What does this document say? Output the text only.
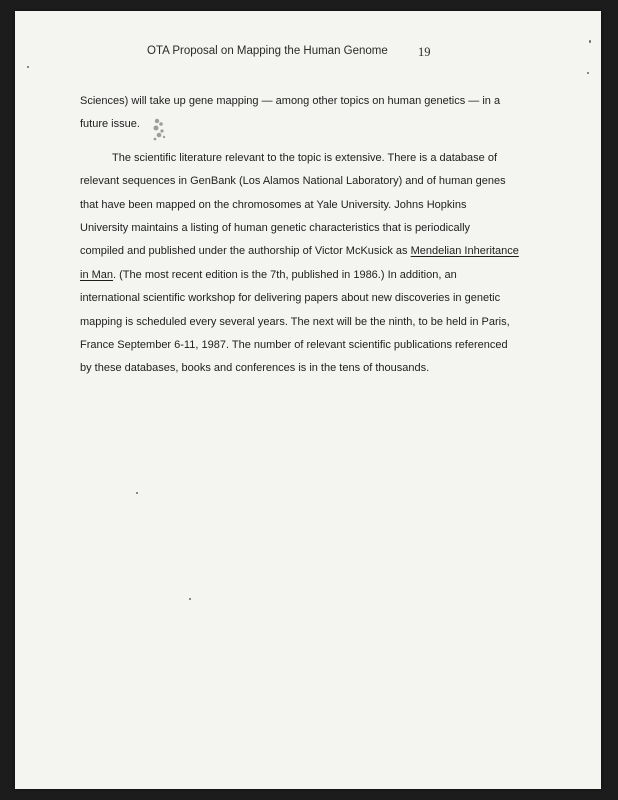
OTA Proposal on Mapping the Human Genome 19
Sciences) will take up gene mapping — among other topics on human genetics — in a
future issue.
The scientific literature relevant to the topic is extensive. There is a database of
relevant sequences in GenBank (Los Alamos National Laboratory) and of human genes
that have been mapped on the chromosomes at Yale University. Johns Hopkins
University maintains a listing of human genetic characteristics that is periodically
compiled and published under the authorship of Victor McKusick as Mendelian Inheritance
in Man. (The most recent edition is the 7th, published in 1986.) In addition, an
international scientific workshop for delivering papers about new discoveries in genetic
mapping is scheduled every several years. The next will be the ninth, to be held in Paris,
France September 6-11, 1987. The number of relevant scientific publications referenced
by these databases, books and conferences is in the tens of thousands.
